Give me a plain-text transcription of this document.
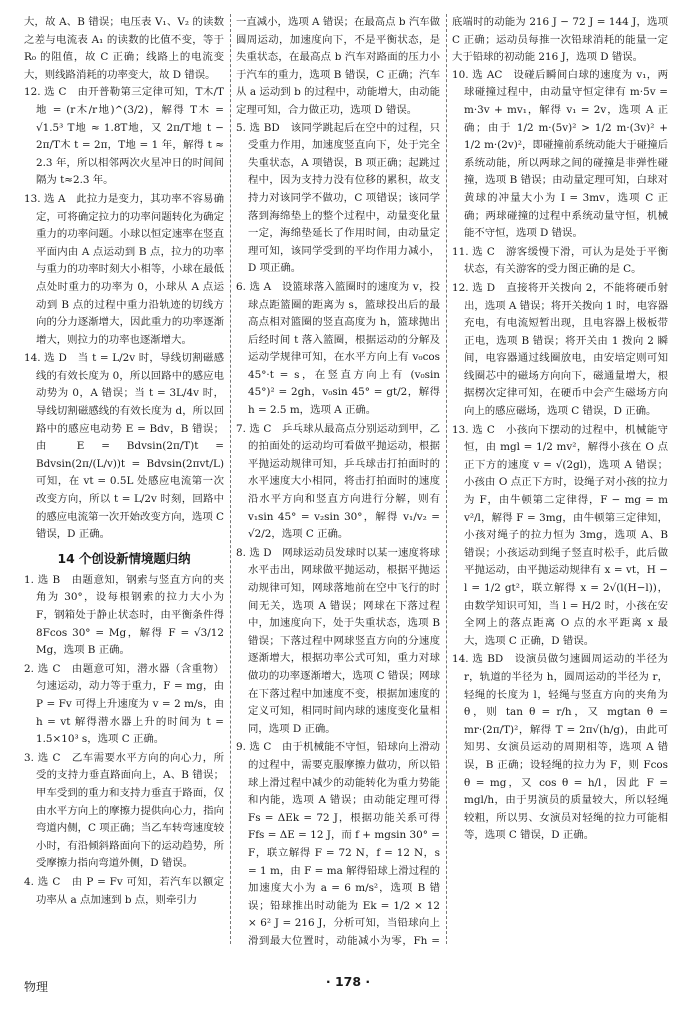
大，故 A、B 错误；电压表 V₁、V₂ 的读数之差与电流表 A₁ 的读数的比值不变，等于 R₀ 的阻值，故 C 正确；线路上的电流变大，则线路消耗的功率变大，故 D 错误。

12. 选 C　由开普勒第三定律可知，T木/T地 = (r木/r地)^(3/2)，解得 T木 = √1.5³ T地 ≈ 1.8T地，又 2π/T地 t − 2π/T木 t = 2π，T地 = 1 年，解得 t ≈ 2.3 年，所以相邻两次火星冲日的时间间隔为 t≈2.3 年。

13. 选 A　此拉力是变力，其功率不容易确定，可将确定拉力的功率问题转化为确定重力的功率问题。小球以恒定速率在竖直平面内由 A 点运动到 B 点，拉力的功率与重力的功率时刻大小相等，小球在最低点处时重力的功率为 0，小球从 A 点运动到 B 点的过程中重力沿轨迹的切线方向的分力逐渐增大，因此重力的功率逐渐增大，则拉力的功率也逐渐增大。

14. 选 D　当 t = L/2v 时，导线切割磁感线的有效长度为 0，所以回路中的感应电动势为 0，A 错误；当 t = 3L/4v 时，导线切割磁感线的有效长度为 d，所以回路中的感应电动势 E = Bdv，B 错误；由 E = Bdvsin(2π/T)t = Bdvsin(2π/(L/v))t = Bdvsin(2πvt/L) 可知，在 vt = 0.5L 处感应电流第一次改变方向，所以 t = L/2v 时刻，回路中的感应电流第一次开始改变方向，选项 C 错误，D 正确。

14 个创设新情境题归纳

1. 选 B　由题意知，钢索与竖直方向的夹角为 30°，设每根钢索的拉力大小为 F，钢箱处于静止状态时，由平衡条件得 8Fcos 30° = Mg，解得 F = √3/12 Mg，选项 B 正确。

2. 选 C　由题意可知，潜水器（含重物）匀速运动，动力等于重力，F = mg，由 P = Fv 可得上升速度为 v = 2 m/s，由 h = vt 解得潜水器上升的时间为 t = 1.5×10³ s，选项 C 正确。

3. 选 C　乙车需要水平方向的向心力，所受的支持力垂直路面向上，A、B 错误；甲车受到的重力和支持力垂直于路面，仅由水平方向上的摩擦力提供向心力，指向弯道内侧，C 项正确；当乙车转弯速度较小时，有沿倾斜路面向下的运动趋势，所受摩擦力指向弯道外侧，D 错误。

4. 选 C　由 P = Fv 可知，若汽车以额定功率从 a 点加速到 b 点，则牵引力

一直减小，选项 A 错误；在最高点 b 汽车做圆周运动，加速度向下，不是平衡状态，是失重状态，在最高点 b 汽车对路面的压力小于汽车的重力，选项 B 错误，C 正确；汽车从 a 运动到 b 的过程中，动能增大，由动能定理可知，合力做正功，选项 D 错误。

5. 选 BD　该同学跳起后在空中的过程，只受重力作用，加速度竖直向下，处于完全失重状态，A 项错误，B 项正确；起跳过程中，因为支持力没有位移的累积，故支持力对该同学不做功，C 项错误；该同学落到海绵垫上的整个过程中，动量变化量一定，海绵垫延长了作用时间，由动量定理可知，该同学受到的平均作用力减小，D 项正确。

6. 选 A　设篮球落入篮圈时的速度为 v，投球点距篮圈的距离为 s，篮球投出后的最高点相对篮圈的竖直高度为 h，篮球抛出后经时间 t 落入篮圈，根据运动的分解及运动学规律可知，在水平方向上有 v₀cos 45°·t = s，在竖直方向上有 (v₀sin 45°)² = 2gh，v₀sin 45° = gt/2，解得 h = 2.5 m，选项 A 正确。

7. 选 C　乒乓球从最高点分别运动到甲，乙的拍面处的运动均可看做平抛运动，根据平抛运动规律可知，乒乓球击打拍面时的水平速度大小相同，将击打拍面时的速度沿水平方向和竖直方向进行分解，则有 v₁sin 45° = v₂sin 30°，解得 v₁/v₂ = √2/2，选项 C 正确。

8. 选 D　网球运动员发球时以某一速度将球水平击出，网球做平抛运动，根据平抛运动规律可知，网球落地前在空中飞行的时间无关，选项 A 错误；网球在下落过程中，加速度向下，处于失重状态，选项 B 错误；下落过程中网球竖直方向的分速度逐渐增大，根据功率公式可知，重力对球做功的功率逐渐增大，选项 C 错误；网球在下落过程中加速度不变，根据加速度的定义可知，相同时间内球的速度变化量相同，选项 D 正确。

9. 选 C　由于机械能不守恒，铅球向上滑动的过程中，需要克服摩擦力做功，所以铅球上滑过程中减少的动能转化为重力势能和内能，选项 A 错误；由动能定理可得 Fs = ΔEk = 72 J，根据功能关系可得 Ffs = ΔE = 12 J，而 f + mgsin 30° = F，联立解得 F = 72 N，f = 12 N，s = 1 m，由 F = ma 解得铅球上滑过程的加速度大小为 a = 6 m/s²，选项 B 错误；铅球推出时动能为 Ek = 1/2 × 12 × 6² J = 216 J，分析可知，当铅球向上滑到最大位置时，动能减小为零，Fh =

底端时的动能为 216 J − 72 J = 144 J，选项 C 正确；运动员每推一次铅球消耗的能量一定大于铅球的初动能 216 J，选项 D 错误。

10. 选 AC　设碰后瞬间白球的速度为 v₁，两球碰撞过程中，由动量守恒定律有 m·5v = m·3v + mv₁，解得 v₁ = 2v，选项 A 正确；由于 1/2 m·(5v)² > 1/2 m·(3v)² + 1/2 m·(2v)²，即碰撞前系统动能大于碰撞后系统动能，所以两球之间的碰撞是非弹性碰撞，选项 B 错误；由动量定理可知，白球对黄球的冲量大小为 I = 3mv，选项 C 正确；两球碰撞的过程中系统动量守恒，机械能不守恒，选项 D 错误。

11. 选 C　游客缓慢下滑，可认为是处于平衡状态，有关游客的受力图正确的是 C。

12. 选 D　直接将开关拨向 2，不能将硬币射出，选项 A 错误；将开关拨向 1 时，电容器充电，有电流短暂出现，且电容器上极板带正电，选项 B 错误；将开关由 1 拨向 2 瞬间，电容器通过线圈放电，由安培定则可知线圈芯中的磁场方向向下，磁通量增大，根据楞次定律可知，在硬币中会产生磁场方向向上的感应磁场，选项 C 错误，D 正确。

13. 选 C　小孩向下摆动的过程中，机械能守恒，由 mgl = 1/2 mv²，解得小孩在 O 点正下方的速度 v = √(2gl)，选项 A 错误；小孩由 O 点正下方时，设绳子对小孩的拉力为 F，由牛顿第二定律得，F − mg = m v²/l，解得 F = 3mg，由牛顿第三定律知，小孩对绳子的拉力恒为 3mg，选项 A、B 错误；小孩运动到绳子竖直时松手，此后做平抛运动，由平抛运动规律有 x = vt，H − l = 1/2 gt²，联立解得 x = 2√(l(H−l))，由数学知识可知，当 l = H/2 时，小孩在安全网上的落点距离 O 点的水平距离 x 最大，选项 C 正确，D 错误。

14. 选 BD　设演员做匀速圆周运动的半径为 r，轨道的半径为 h，圆周运动的半径为 r，轻绳的长度为 l，轻绳与竖直方向的夹角为 θ，则 tan θ = r/h，又 mgtan θ = mr·(2π/T)²，解得 T = 2π√(h/g)，由此可知男、女演员运动的周期相等，选项 A 错误，B 正确；设轻绳的拉力为 F，则 Fcos θ = mg，又 cos θ = h/l，因此 F = mgl/h，由于男演员的质量较大，所以轻绳较粗，所以男、女演员对轻绳的拉力可能相等，选项 C 错误，D 正确。

物理	· 178 ·
